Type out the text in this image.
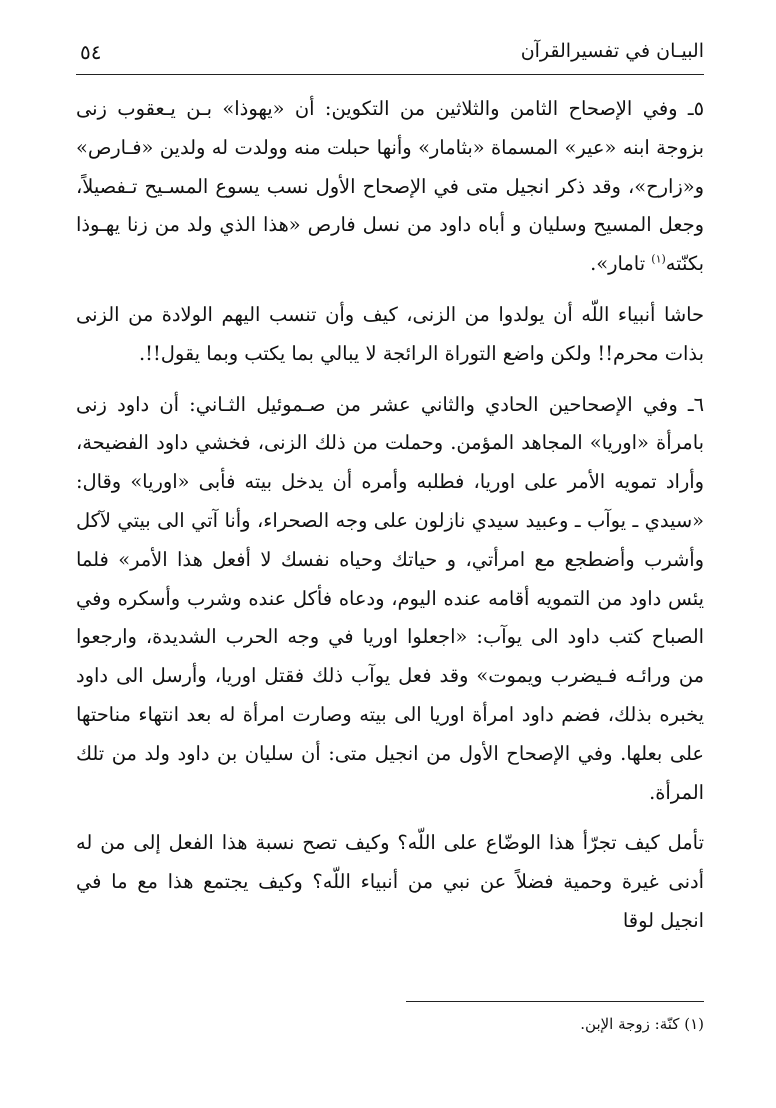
البيـان في تفسيرالقرآن
٥٤

٥ـ وفي الإصحاح الثامن والثلاثين من التكوين: أن «يهوذا» بـن يـعقوب زنى بزوجة ابنه «عير» المسماة «بثامار» وأنها حبلت منه وولدت له ولدين «فـارص» و«زارح»، وقد ذكر انجيل متى في الإصحاح الأول نسب يسوع المسـيح تـفصيلاً، وجعل المسيح وسليان و أباه داود من نسل فارص «هذا الذي ولد من زنا يهـوذا بكنّته$^{(١)}$ تامار».

حاشا أنبياء اللّه أن يولدوا من الزنى، كيف وأن تنسب اليهم الولادة من الزنى بذات محرم!! ولكن واضع التوراة الرائجة لا يبالي بما يكتب وبما يقول!!.

٦ـ وفي الإصحاحين الحادي والثاني عشر من صـموئيل الثـاني: أن داود زنى بامرأة «اوريا» المجاهد المؤمن. وحملت من ذلك الزنى، فخشي داود الفضيحة، وأراد تمويه الأمر على اوريا، فطلبه وأمره أن يدخل بيته فأبى «اوريا» وقال: «سيدي ـ يوآب ـ وعبيد سيدي نازلون على وجه الصحراء، وأنا آتي الى بيتي لآكل وأشرب وأضطجع مع امرأتي، و حياتك وحياه نفسك لا أفعل هذا الأمر» فلما يئس داود من التمويه أقامه عنده اليوم، ودعاه فأكل عنده وشرب وأسكره وفي الصباح كتب داود الى يوآب: «اجعلوا اوريا في وجه الحرب الشديدة، وارجعوا من ورائـه فـيضرب ويموت» وقد فعل يوآب ذلك فقتل اوريا، وأرسل الى داود يخبره بذلك، فضم داود امرأة اوريا الى بيته وصارت امرأة له بعد انتهاء مناحتها على بعلها. وفي الإصحاح الأول من انجيل متى: أن سليان بن داود ولد من تلك المرأة.

تأمل كيف تجرّأ هذا الوضّاع على اللّه؟ وكيف تصح نسبة هذا الفعل إلى من له أدنى غيرة وحمية فضلاً عن نبي من أنبياء اللّه؟ وكيف يجتمع هذا مع ما في انجيل لوقا

(١) كنّة: زوجة الإبن.
